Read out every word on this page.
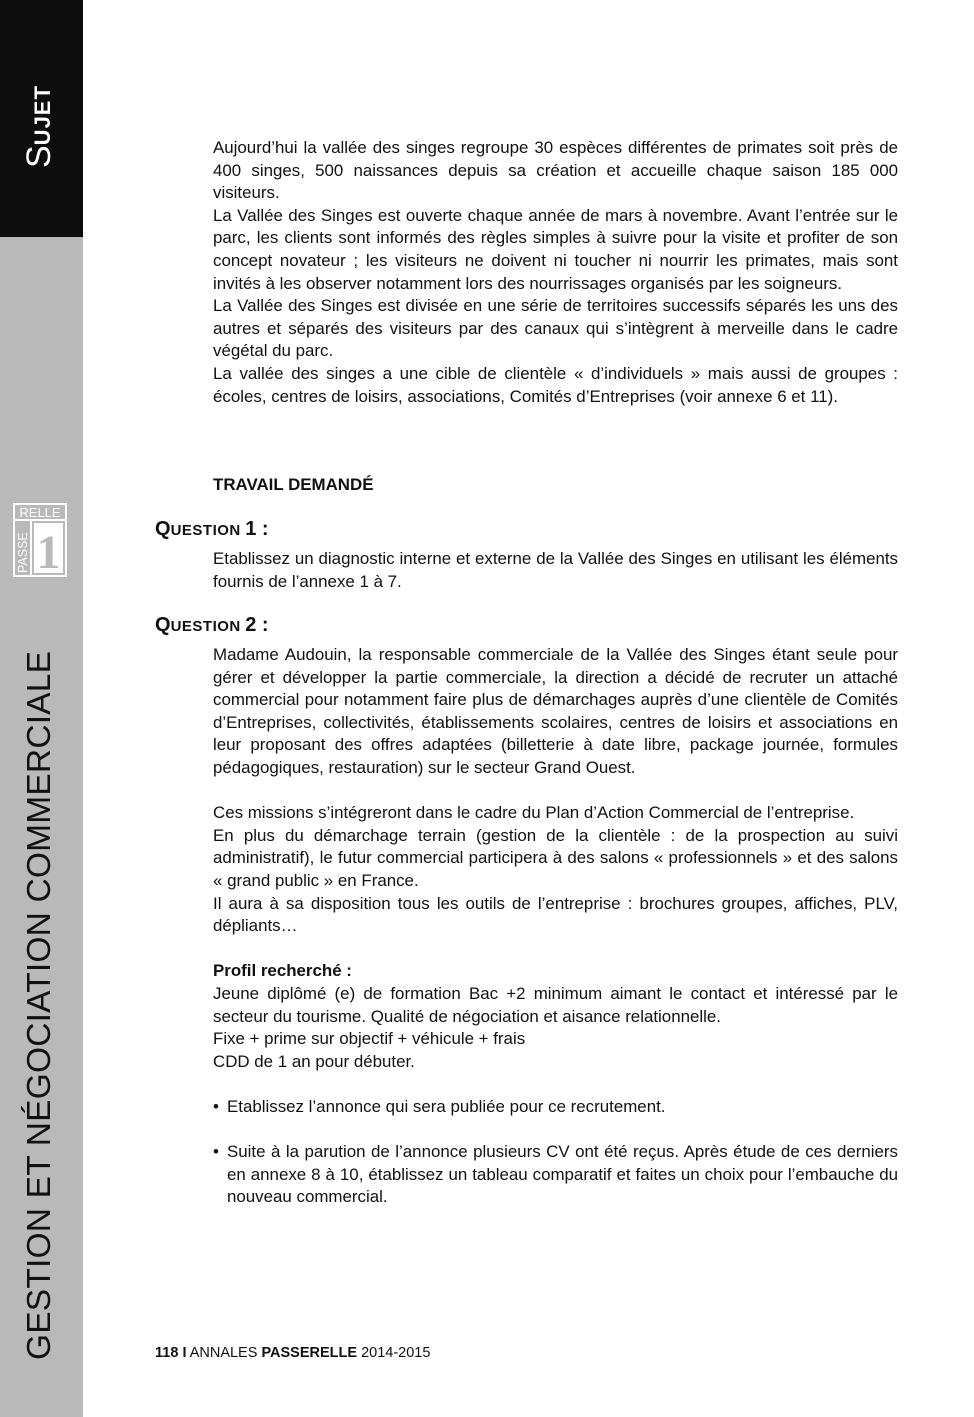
SUJET
RELLE
PASSE 1
GESTION ET NÉGOCIATION COMMERCIALE

Aujourd’hui la vallée des singes regroupe 30 espèces différentes de primates soit près de 400 singes, 500 naissances depuis sa création et accueille chaque saison 185 000 visiteurs.

La Vallée des Singes est ouverte chaque année de mars à novembre. Avant l’entrée sur le parc, les clients sont informés des règles simples à suivre pour la visite et profiter de son concept novateur ; les visiteurs ne doivent ni toucher ni nourrir les primates, mais sont invités à les observer notamment lors des nourrissages organisés par les soigneurs.

La Vallée des Singes est divisée en une série de territoires successifs séparés les uns des autres et séparés des visiteurs par des canaux qui s’intègrent à merveille dans le cadre végétal du parc.

La vallée des singes a une cible de clientèle « d’individuels » mais aussi de groupes : écoles, centres de loisirs, associations, Comités d’Entreprises (voir annexe 6 et 11).

TRAVAIL DEMANDÉ
QUESTION 1 :

Etablissez un diagnostic interne et externe de la Vallée des Singes en utilisant les éléments fournis de l’annexe 1 à 7.

QUESTION 2 :

Madame Audouin, la responsable commerciale de la Vallée des Singes étant seule pour gérer et développer la partie commerciale, la direction a décidé de recruter un attaché commercial pour notamment faire plus de démarchages auprès d’une clientèle de Comités d’Entreprises, collectivités, établissements scolaires, centres de loisirs et associations en leur proposant des offres adaptées (billetterie à date libre, package journée, formules pédagogiques, restauration) sur le secteur Grand Ouest.

Ces missions s’intégreront dans le cadre du Plan d’Action Commercial de l’entreprise.

En plus du démarchage terrain (gestion de la clientèle : de la prospection au suivi administratif), le futur commercial participera à des salons « professionnels » et des salons « grand public » en France.

Il aura à sa disposition tous les outils de l’entreprise : brochures groupes, affiches, PLV, dépliants…

Profil recherché :

Jeune diplômé (e) de formation Bac +2 minimum aimant le contact et intéressé par le secteur du tourisme. Qualité de négociation et aisance relationnelle.

Fixe + prime sur objectif + véhicule + frais

CDD de 1 an pour débuter.

• Etablissez l’annonce qui sera publiée pour ce recrutement.
• Suite à la parution de l’annonce plusieurs CV ont été reçus. Après étude de ces derniers en annexe 8 à 10, établissez un tableau comparatif et faites un choix pour l’embauche du nouveau commercial.
118 I ANNALES PASSERELLE 2014-2015
